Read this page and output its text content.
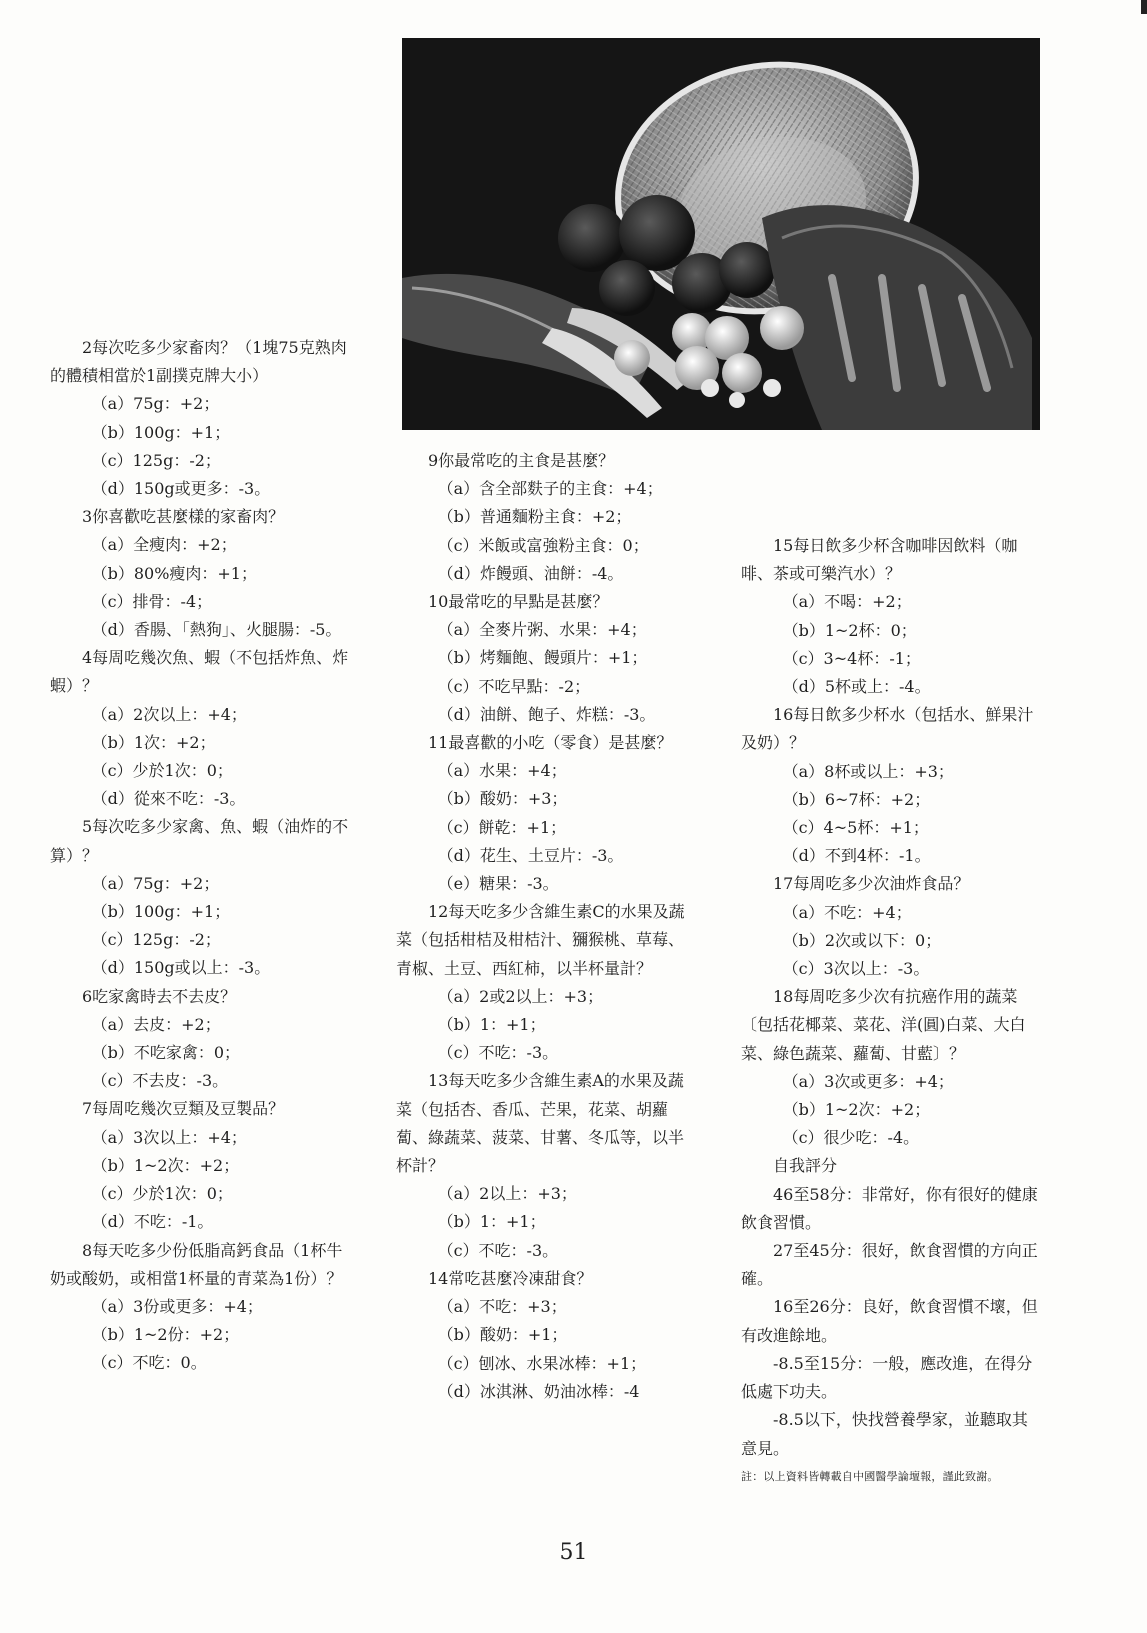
2每次吃多少家畜肉？（1塊75克熟肉的體積相當於1副撲克牌大小）

（a）75g：+2；

（b）100g：+1；

（c）125g：-2；

（d）150g或更多：-3。

3你喜歡吃甚麼樣的家畜肉？

（a）全瘦肉：+2；

（b）80%瘦肉：+1；

（c）排骨：-4；

（d）香腸、「熱狗」、火腿腸：-5。

4每周吃幾次魚、蝦（不包括炸魚、炸蝦）？

（a）2次以上：+4；

（b）1次：+2；

（c）少於1次：0；

（d）從來不吃：-3。

5每次吃多少家禽、魚、蝦（油炸的不算）？

（a）75g：+2；

（b）100g：+1；

（c）125g：-2；

（d）150g或以上：-3。

6吃家禽時去不去皮？

（a）去皮：+2；

（b）不吃家禽：0；

（c）不去皮：-3。

7每周吃幾次豆類及豆製品？

（a）3次以上：+4；

（b）1~2次：+2；

（c）少於1次：0；

（d）不吃：-1。

8每天吃多少份低脂高鈣食品（1杯牛奶或酸奶，或相當1杯量的青菜為1份）？

（a）3份或更多：+4；

（b）1~2份：+2；

（c）不吃：0。

9你最常吃的主食是甚麼？

（a）含全部麩子的主食：+4；

（b）普通麵粉主食：+2；

（c）米飯或富強粉主食：0；

（d）炸饅頭、油餅：-4。

10最常吃的早點是甚麼？

（a）全麥片粥、水果：+4；

（b）烤麵飽、饅頭片：+1；

（c）不吃早點：-2；

（d）油餅、飽子、炸糕：-3。

11最喜歡的小吃（零食）是甚麼？

（a）水果：+4；

（b）酸奶：+3；

（c）餅乾：+1；

（d）花生、土豆片：-3。

（e）糖果：-3。

12每天吃多少含維生素C的水果及蔬菜（包括柑桔及柑桔汁、獼猴桃、草莓、青椒、土豆、西紅柿，以半杯量計？

（a）2或2以上：+3；

（b）1：+1；

（c）不吃：-3。

13每天吃多少含維生素A的水果及蔬菜（包括杏、香瓜、芒果，花菜、胡蘿蔔、綠蔬菜、菠菜、甘薯、冬瓜等，以半杯計？

（a）2以上：+3；

（b）1：+1；

（c）不吃：-3。

14常吃甚麼冷凍甜食？

（a）不吃：+3；

（b）酸奶：+1；

（c）刨冰、水果冰棒：+1；

（d）冰淇淋、奶油冰棒：-4

15每日飲多少杯含咖啡因飲料（咖啡、茶或可樂汽水）？

（a）不喝：+2；

（b）1~2杯：0；

（c）3~4杯：-1；

（d）5杯或上：-4。

16每日飲多少杯水（包括水、鮮果汁及奶）？

（a）8杯或以上：+3；

（b）6~7杯：+2；

（c）4~5杯：+1；

（d）不到4杯：-1。

17每周吃多少次油炸食品？

（a）不吃：+4；

（b）2次或以下：0；

（c）3次以上：-3。

18每周吃多少次有抗癌作用的蔬菜〔包括花椰菜、菜花、洋(圓)白菜、大白菜、綠色蔬菜、蘿蔔、甘藍〕？

（a）3次或更多：+4；

（b）1~2次：+2；

（c）很少吃：-4。

自我評分

46至58分：非常好，你有很好的健康飲食習慣。

27至45分：很好，飲食習慣的方向正確。

16至26分：良好，飲食習慣不壞，但有改進餘地。

-8.5至15分：一般，應改進，在得分低處下功夫。

-8.5以下，快找營養學家，並聽取其意見。

註：以上資料皆轉載自中國醫學論壇報，謹此致謝。

51
